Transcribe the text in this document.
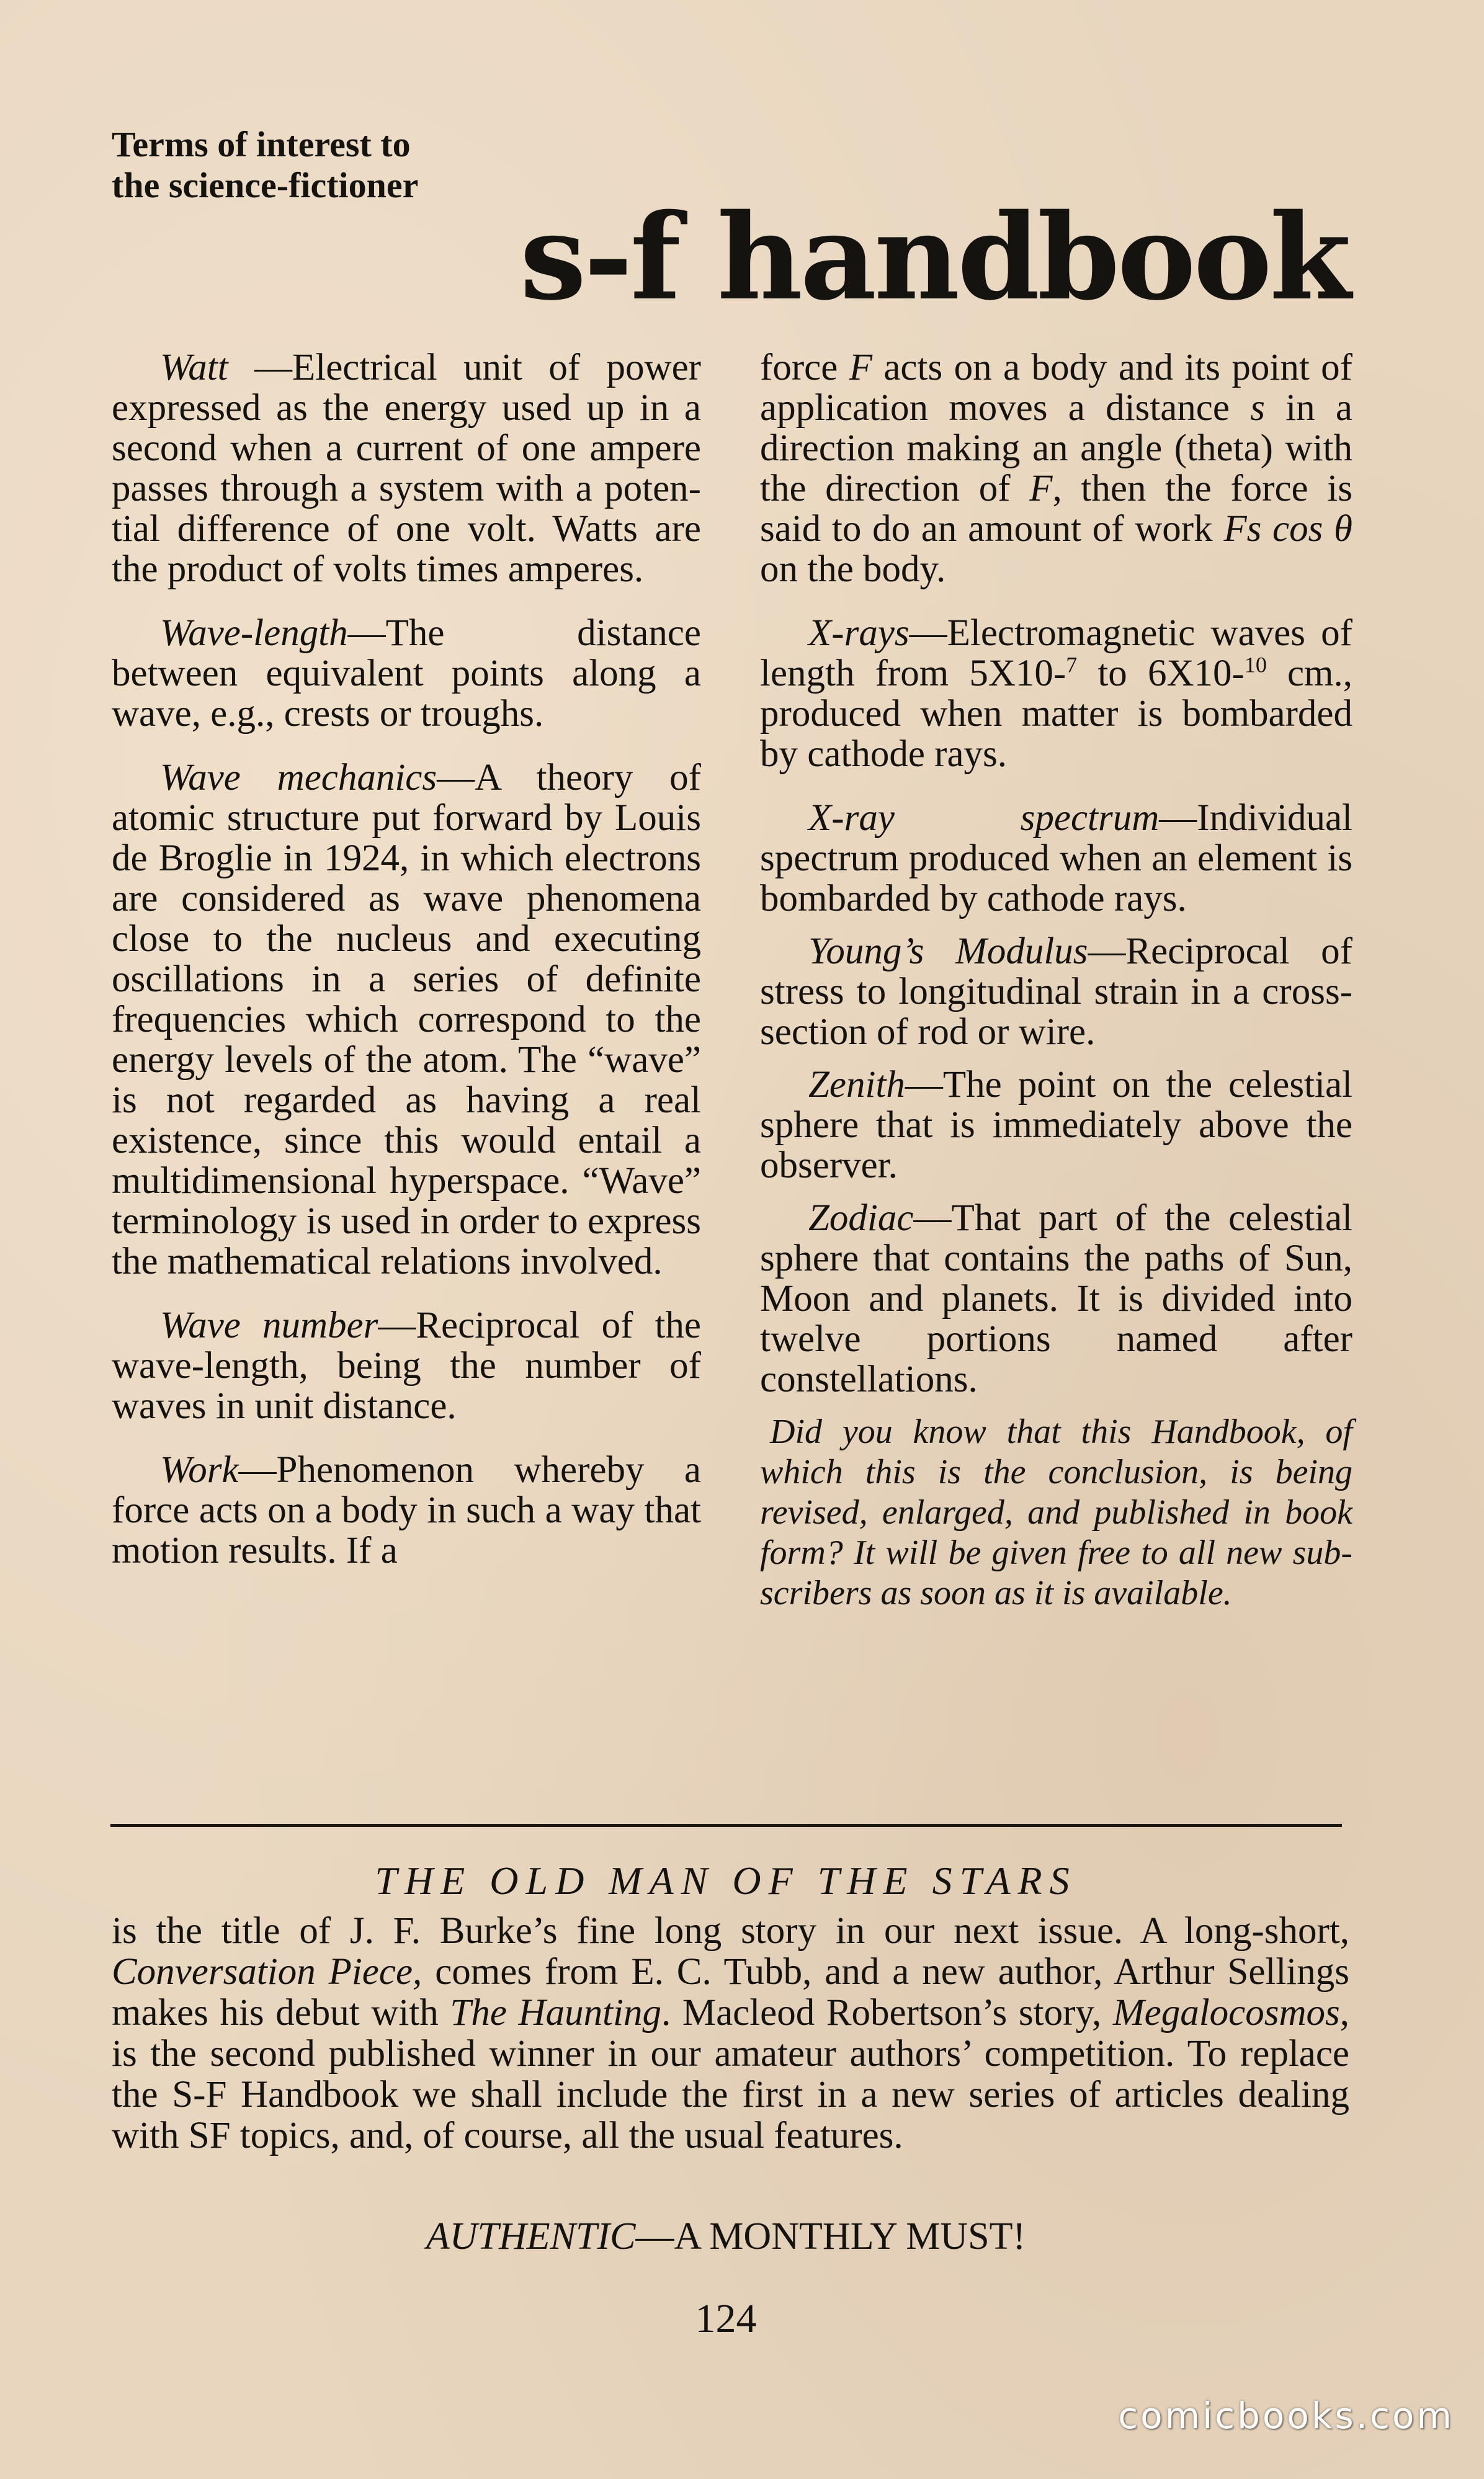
Terms of interest to
the science-fictioner
s-f handbook

Watt —Electrical unit of power expressed as the energy used up in a second when a current of one ampere passes through a system with a potential difference of one volt. Watts are the product of volts times amperes.

Wave-length—The distance between equivalent points along a wave, e.g., crests or troughs.

Wave mechanics—A theory of atomic structure put forward by Louis de Broglie in 1924, in which electrons are considered as wave phenomena close to the nucleus and executing oscillations in a series of definite frequencies which correspond to the energy levels of the atom. The “wave” is not regarded as having a real existence, since this would entail a multidimensional hyperspace. “Wave” terminology is used in order to express the mathematical relations involved.

Wave number—Reciprocal of the wave-length, being the number of waves in unit distance.

Work—Phenomenon whereby a force acts on a body in such a way that motion results. If a

force F acts on a body and its point of application moves a distance s in a direction making an angle (theta) with the direction of F, then the force is said to do an amount of work Fs cos θ on the body.

X-rays—Electromagnetic waves of length from 5X10-$^7$ to 6X10-$^{10}$ cm., produced when matter is bombarded by cathode rays.

X-ray spectrum—Individual spectrum produced when an element is bombarded by cathode rays.

Young’s Modulus—Reciprocal of stress to longitudinal strain in a cross-section of rod or wire.

Zenith—The point on the celestial sphere that is immediately above the observer.

Zodiac—That part of the celestial sphere that contains the paths of Sun, Moon and planets. It is divided into twelve portions named after constellations.

Did you know that this Handbook, of which this is the conclusion, is being revised, enlarged, and published in book form? It will be given free to all new subscribers as soon as it is available.

THE OLD MAN OF THE STARS

is the title of J. F. Burke’s fine long story in our next issue. A long-short, Conversation Piece, comes from E. C. Tubb, and a new author, Arthur Sellings makes his debut with The Haunting. Macleod Robertson’s story, Megalocosmos, is the second published winner in our amateur authors’ competition. To replace the S-F Handbook we shall include the first in a new series of articles dealing with SF topics, and, of course, all the usual features.

AUTHENTIC—A MONTHLY MUST!
124
comicbooks.com
